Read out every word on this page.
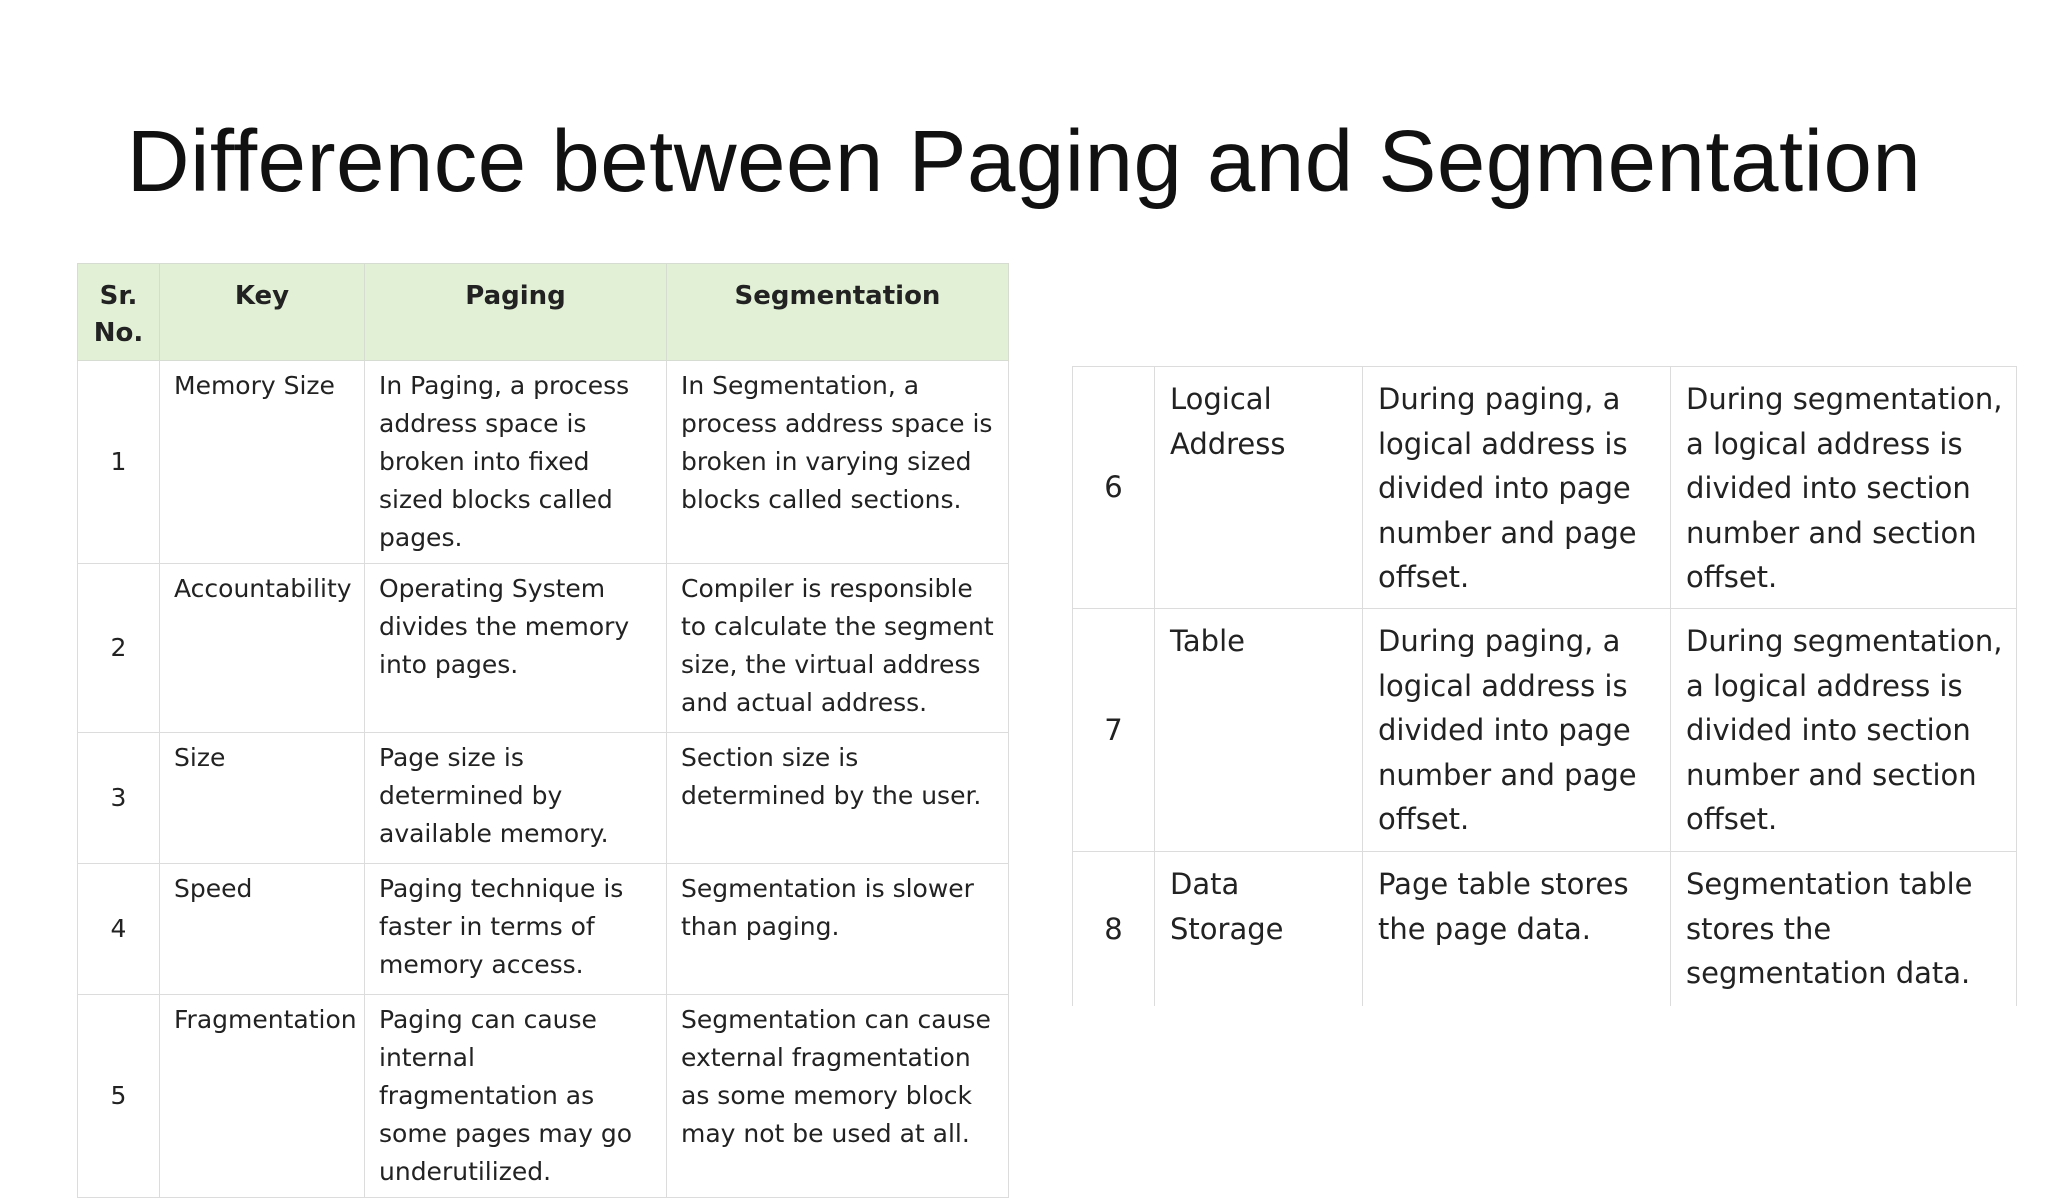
Difference between Paging and Segmentation
Sr. No.	Key	Paging	Segmentation
1	Memory Size	In Paging, a process address space is broken into fixed sized blocks called pages.	In Segmentation, a process address space is broken in varying sized blocks called sections.
2	Accountability	Operating System divides the memory into pages.	Compiler is responsible to calculate the segment size, the virtual address and actual address.
3	Size	Page size is determined by available memory.	Section size is determined by the user.
4	Speed	Paging technique is faster in terms of memory access.	Segmentation is slower than paging.
5	Fragmentation	Paging can cause internal fragmentation as some pages may go underutilized.	Segmentation can cause external fragmentation as some memory block may not be used at all.
6	Logical Address	During paging, a logical address is divided into page number and page offset.	During segmentation, a logical address is divided into section number and section offset.
7	Table	During paging, a logical address is divided into page number and page offset.	During segmentation, a logical address is divided into section number and section offset.
8	Data Storage	Page table stores the page data.	Segmentation table stores the segmentation data.
